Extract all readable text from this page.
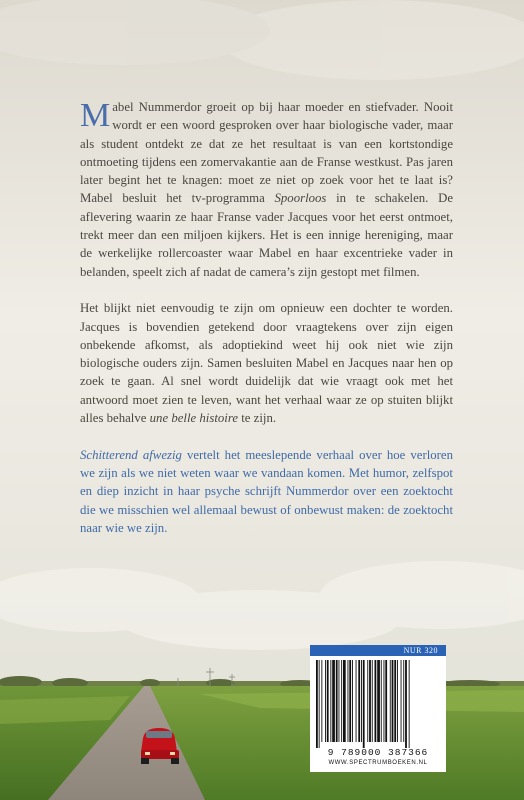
Mabel Nummerdor groeit op bij haar moeder en stiefvader. Nooit wordt er een woord gesproken over haar biologische vader, maar als student ontdekt ze dat ze het resultaat is van een kortstondige ontmoeting tijdens een zomervakantie aan de Franse westkust. Pas jaren later begint het te knagen: moet ze niet op zoek voor het te laat is? Mabel besluit het tv-programma Spoorloos in te schakelen. De aflevering waarin ze haar Franse vader Jacques voor het eerst ontmoet, trekt meer dan een miljoen kijkers. Het is een innige hereniging, maar de werkelijke rollercoaster waar Mabel en haar excentrieke vader in belanden, speelt zich af nadat de camera’s zijn gestopt met filmen.

Het blijkt niet eenvoudig te zijn om opnieuw een dochter te worden. Jacques is bovendien getekend door vraagtekens over zijn eigen onbekende afkomst, als adoptiekind weet hij ook niet wie zijn biologische ouders zijn. Samen besluiten Mabel en Jacques naar hen op zoek te gaan. Al snel wordt duidelijk dat wie vraagt ook met het antwoord moet zien te leven, want het verhaal waar ze op stuiten blijkt alles behalve une belle histoire te zijn.

Schitterend afwezig vertelt het meeslepende verhaal over hoe verloren we zijn als we niet weten waar we vandaan komen. Met humor, zelfspot en diep inzicht in haar psyche schrijft Nummerdor over een zoektocht die we misschien wel allemaal bewust of onbewust maken: de zoektocht naar wie we zijn.

NUR 320
9 789000 387366
WWW.SPECTRUMBOEKEN.NL
